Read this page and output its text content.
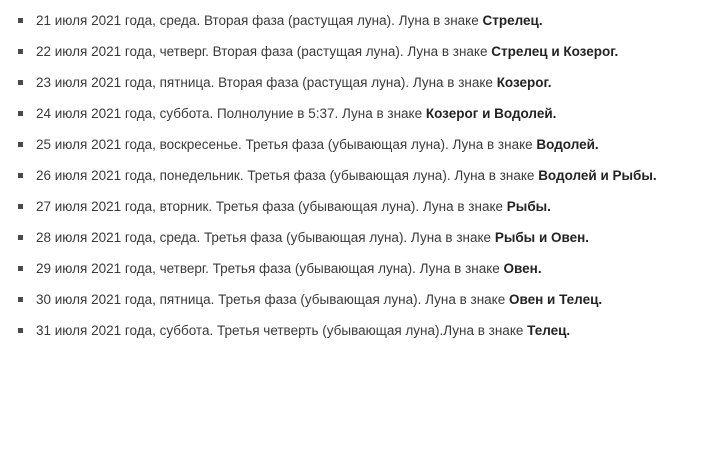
21 июля 2021 года, среда. Вторая фаза (растущая луна). Луна в знаке Стрелец.
22 июля 2021 года, четверг. Вторая фаза (растущая луна). Луна в знаке Стрелец и Козерог.
23 июля 2021 года, пятница. Вторая фаза (растущая луна). Луна в знаке Козерог.
24 июля 2021 года, суббота. Полнолуние в 5:37. Луна в знаке Козерог и Водолей.
25 июля 2021 года, воскресенье. Третья фаза (убывающая луна). Луна в знаке Водолей.
26 июля 2021 года, понедельник. Третья фаза (убывающая луна). Луна в знаке Водолей и Рыбы.
27 июля 2021 года, вторник. Третья фаза (убывающая луна). Луна в знаке Рыбы.
28 июля 2021 года, среда. Третья фаза (убывающая луна). Луна в знаке Рыбы и Овен.
29 июля 2021 года, четверг. Третья фаза (убывающая луна). Луна в знаке Овен.
30 июля 2021 года, пятница. Третья фаза (убывающая луна). Луна в знаке Овен и Телец.
31 июля 2021 года, суббота. Третья четверть (убывающая луна).Луна в знаке Телец.
